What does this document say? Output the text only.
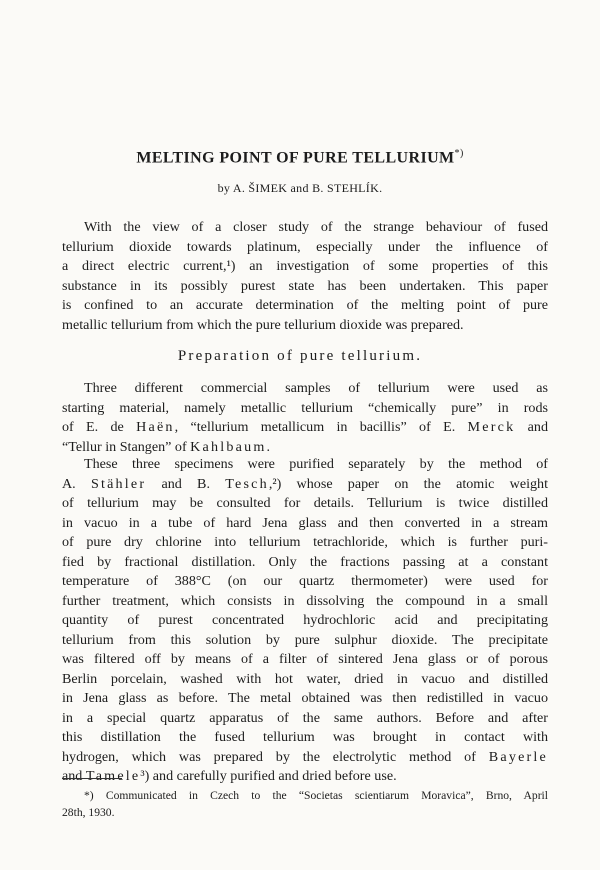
MELTING POINT OF PURE TELLURIUM*)
by A. ŠIMEK and B. STEHLÍK.
With the view of a closer study of the strange behaviour of fused
tellurium dioxide towards platinum, especially under the influence of
a direct electric current,¹) an investigation of some properties of this
substance in its possibly purest state has been undertaken. This paper
is confined to an accurate determination of the melting point of pure
metallic tellurium from which the pure tellurium dioxide was prepared.
Preparation of pure tellurium.
Three different commercial samples of tellurium were used as
starting material, namely metallic tellurium “chemically pure” in rods
of E. de Haën, “tellurium metallicum in bacillis” of E. Merck and
“Tellur in Stangen” of Kahlbaum.
These three specimens were purified separately by the method of
A. Stähler and B. Tesch,²) whose paper on the atomic weight
of tellurium may be consulted for details. Tellurium is twice distilled
in vacuo in a tube of hard Jena glass and then converted in a stream
of pure dry chlorine into tellurium tetrachloride, which is further puri-
fied by fractional distillation. Only the fractions passing at a constant
temperature of 388°C (on our quartz thermometer) were used for
further treatment, which consists in dissolving the compound in a small
quantity of purest concentrated hydrochloric acid and precipitating
tellurium from this solution by pure sulphur dioxide. The precipitate
was filtered off by means of a filter of sintered Jena glass or of porous
Berlin porcelain, washed with hot water, dried in vacuo and distilled
in Jena glass as before. The metal obtained was then redistilled in vacuo
in a special quartz apparatus of the same authors. Before and after
this distillation the fused tellurium was brought in contact with
hydrogen, which was prepared by the electrolytic method of Bayerle
and Tamele³) and carefully purified and dried before use.
*) Communicated in Czech to the “Societas scientiarum Moravica”, Brno, April
28th, 1930.
